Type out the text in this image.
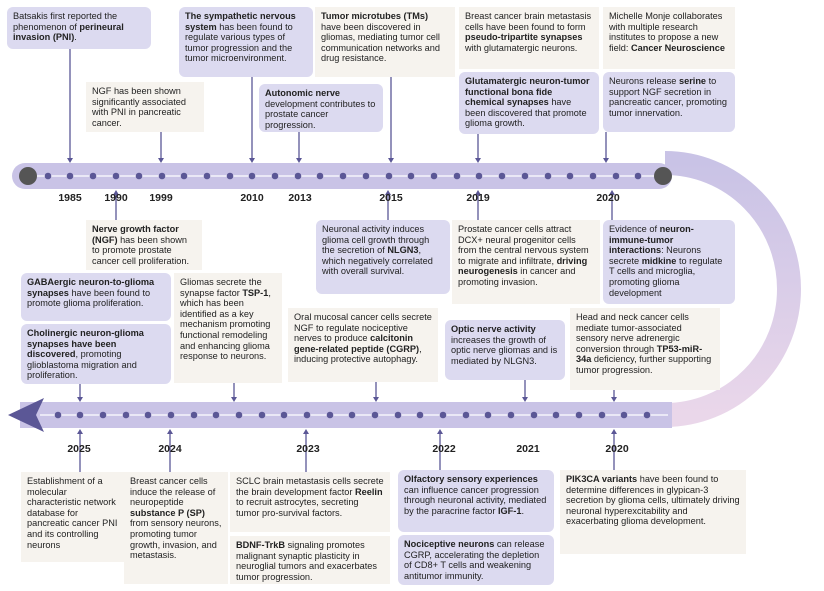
1985	1990	1999	2010	2013	2015	2019	2020
2025	2024	2023	2022	2021	2020
Batsakis first reported the phenomenon of perineural invasion (PNI).
NGF has been shown significantly associated with PNI in pancreatic cancer.
The sympathetic nervous system has been found to regulate various types of tumor progression and the tumor microenvironment.
Autonomic nerve development contributes to prostate cancer progression.
Tumor microtubes (TMs) have been discovered in gliomas, mediating tumor cell communication networks and drug resistance.
Breast cancer brain metastasis cells have been found to form pseudo-tripartite synapses with glutamatergic neurons.
Glutamatergic neuron-tumor functional bona fide chemical synapses have been discovered that promote glioma growth.
Michelle Monje collaborates with multiple research institutes to propose a new field: Cancer Neuroscience
Neurons release serine to support NGF secretion in pancreatic cancer, promoting tumor innervation.
Nerve growth factor (NGF) has been shown to promote prostate cancer cell proliferation.
Neuronal activity induces glioma cell growth through the secretion of NLGN3, which negatively correlated with overall survival.
Prostate cancer cells attract DCX+ neural progenitor cells from the central nervous system to migrate and infiltrate, driving neurogenesis in cancer and promoting invasion.
Evidence of neuron-immune-tumor interactions: Neurons secrete midkine to regulate T cells and microglia, promoting glioma development
GABAergic neuron-to-glioma synapses have been found to promote glioma proliferation.
Cholinergic neuron-glioma synapses have been discovered, promoting glioblastoma migration and proliferation.
Gliomas secrete the synapse factor TSP-1, which has been identified as a key mechanism promoting functional remodeling and enhancing glioma response to neurons.
Oral mucosal cancer cells secrete NGF to regulate nociceptive nerves to produce calcitonin gene-related peptide (CGRP), inducing protective autophagy.
Optic nerve activity increases the growth of optic nerve gliomas and is mediated by NLGN3.
Head and neck cancer cells mediate tumor-associated sensory nerve adrenergic conversion through TP53-miR-34a deficiency, further supporting tumor progression.
Establishment of a molecular characteristic network database for pancreatic cancer PNI and its controlling neurons
Breast cancer cells induce the release of neuropeptide substance P (SP) from sensory neurons, promoting tumor growth, invasion, and metastasis.
SCLC brain metastasis cells secrete the brain development factor Reelin to recruit astrocytes, secreting tumor pro-survival factors.
BDNF-TrkB signaling promotes malignant synaptic plasticity in neuroglial tumors and exacerbates tumor progression.
Olfactory sensory experiences can influence cancer progression through neuronal activity, mediated by the paracrine factor IGF-1.
Nociceptive neurons can release CGRP, accelerating the depletion of CD8+ T cells and weakening antitumor immunity.
PIK3CA variants have been found to determine differences in glypican-3 secretion by glioma cells, ultimately driving neuronal hyperexcitability and exacerbating glioma development.
